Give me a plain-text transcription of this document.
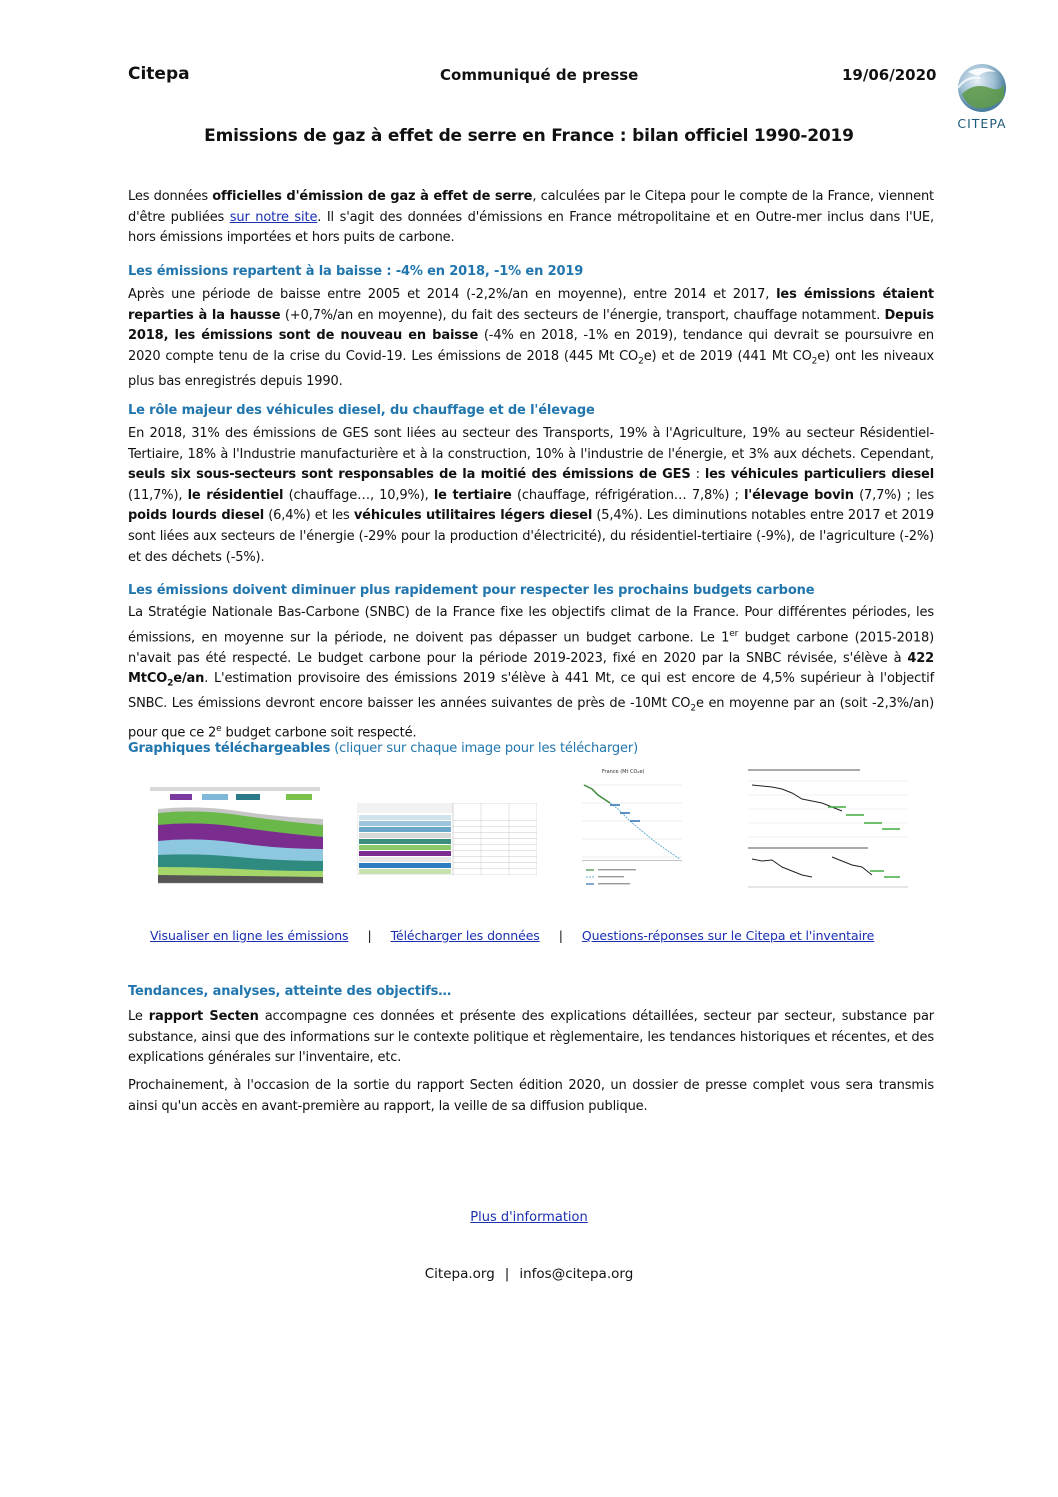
Citepa	Communiqué de presse	19/06/2020
CITEPA
Emissions de gaz à effet de serre en France : bilan officiel 1990-2019

Les données officielles d'émission de gaz à effet de serre, calculées par le Citepa pour le compte de la France, viennent d'être publiées sur notre site. Il s'agit des données d'émissions en France métropolitaine et en Outre-mer inclus dans l'UE, hors émissions importées et hors puits de carbone.

Les émissions repartent à la baisse : -4% en 2018, -1% en 2019

Après une période de baisse entre 2005 et 2014 (-2,2%/an en moyenne), entre 2014 et 2017, les émissions étaient reparties à la hausse (+0,7%/an en moyenne), du fait des secteurs de l'énergie, transport, chauffage notamment. Depuis 2018, les émissions sont de nouveau en baisse (-4% en 2018, -1% en 2019), tendance qui devrait se poursuivre en 2020 compte tenu de la crise du Covid-19. Les émissions de 2018 (445 Mt $CO_2e$) et de 2019 (441 Mt $CO_2e$) ont les niveaux plus bas enregistrés depuis 1990.

Le rôle majeur des véhicules diesel, du chauffage et de l'élevage

En 2018, 31% des émissions de GES sont liées au secteur des Transports, 19% à l'Agriculture, 19% au secteur Résidentiel-Tertiaire, 18% à l'Industrie manufacturière et à la construction, 10% à l'industrie de l'énergie, et 3% aux déchets. Cependant, seuls six sous-secteurs sont responsables de la moitié des émissions de GES : les véhicules particuliers diesel (11,7%), le résidentiel (chauffage…, 10,9%), le tertiaire (chauffage, réfrigération… 7,8%) ; l'élevage bovin (7,7%) ; les poids lourds diesel (6,4%) et les véhicules utilitaires légers diesel (5,4%). Les diminutions notables entre 2017 et 2019 sont liées aux secteurs de l'énergie (-29% pour la production d'électricité), du résidentiel-tertiaire (-9%), de l'agriculture (-2%) et des déchets (-5%).

Les émissions doivent diminuer plus rapidement pour respecter les prochains budgets carbone

La Stratégie Nationale Bas-Carbone (SNBC) de la France fixe les objectifs climat de la France. Pour différentes périodes, les émissions, en moyenne sur la période, ne doivent pas dépasser un budget carbone. Le 1er budget carbone (2015-2018) n'avait pas été respecté. Le budget carbone pour la période 2019-2023, fixé en 2020 par la SNBC révisée, s'élève à 422 MtCO$_2$e/an. L'estimation provisoire des émissions 2019 s'élève à 441 Mt, ce qui est encore de 4,5% supérieur à l'objectif SNBC. Les émissions devront encore baisser les années suivantes de près de -10Mt $CO_2e$ en moyenne par an (soit -2,3%/an) pour que ce 2e budget carbone soit respecté.

Graphiques téléchargeables (cliquer sur chaque image pour les télécharger)
France (Mt CO₂e)
Visualiser en ligne les émissions | Télécharger les données | Questions-réponses sur le Citepa et l'inventaire
Tendances, analyses, atteinte des objectifs…

Le rapport Secten accompagne ces données et présente des explications détaillées, secteur par secteur, substance par substance, ainsi que des informations sur le contexte politique et règlementaire, les tendances historiques et récentes, et des explications générales sur l'inventaire, etc.

Prochainement, à l'occasion de la sortie du rapport Secten édition 2020, un dossier de presse complet vous sera transmis ainsi qu'un accès en avant-première au rapport, la veille de sa diffusion publique.

Plus d'information
Citepa.org | infos@citepa.org
